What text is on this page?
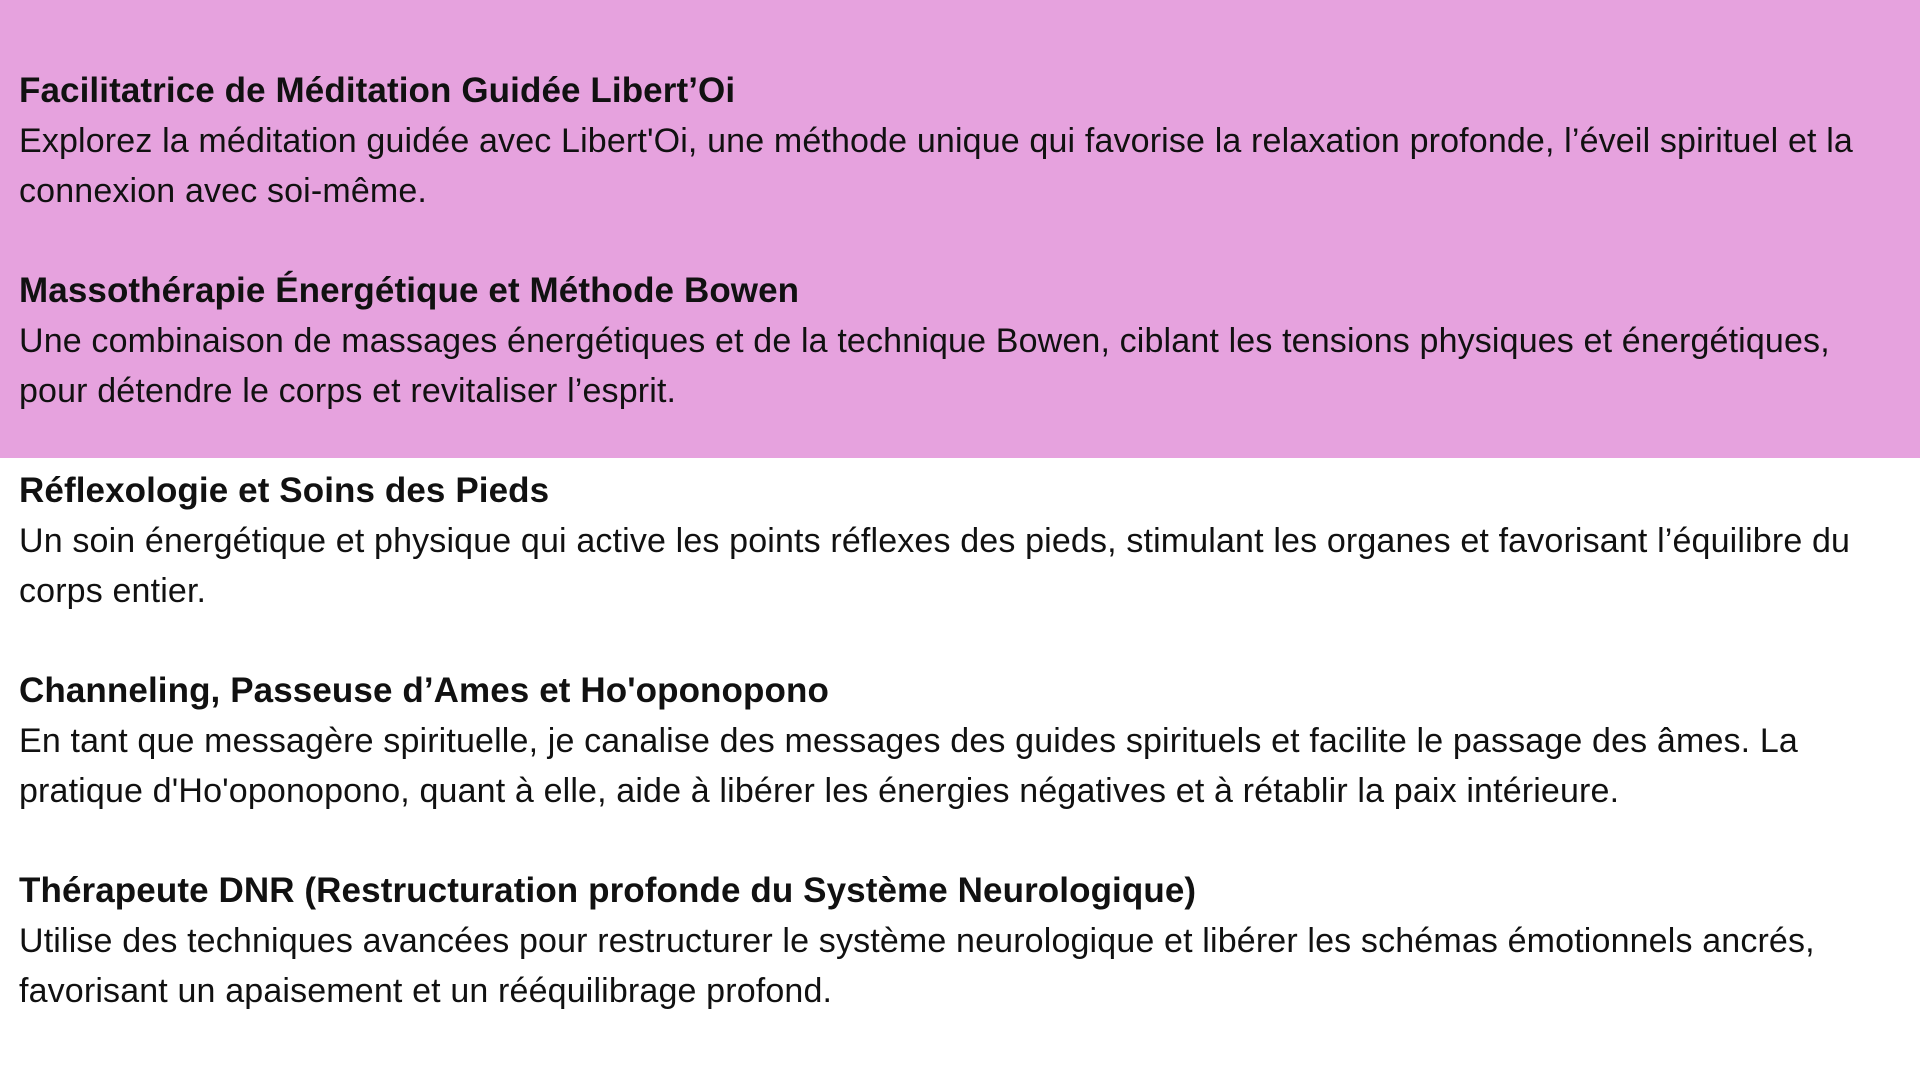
Facilitatrice de Méditation Guidée Libert’Oi
Explorez la méditation guidée avec Libert'Oi, une méthode unique qui favorise la relaxation profonde, l’éveil spirituel et la connexion avec soi-même.
Massothérapie Énergétique et Méthode Bowen
Une combinaison de massages énergétiques et de la technique Bowen, ciblant les tensions physiques et énergétiques, pour détendre le corps et revitaliser l’esprit.
Réflexologie et Soins des Pieds
Un soin énergétique et physique qui active les points réflexes des pieds, stimulant les organes et favorisant l’équilibre du corps entier.
Channeling, Passeuse d’Ames et Ho'oponopono
En tant que messagère spirituelle, je canalise des messages des guides spirituels et facilite le passage des âmes. La pratique d'Ho'oponopono, quant à elle, aide à libérer les énergies négatives et à rétablir la paix intérieure.
Thérapeute DNR (Restructuration profonde du Système Neurologique)
Utilise des techniques avancées pour restructurer le système neurologique et libérer les schémas émotionnels ancrés, favorisant un apaisement et un rééquilibrage profond.
